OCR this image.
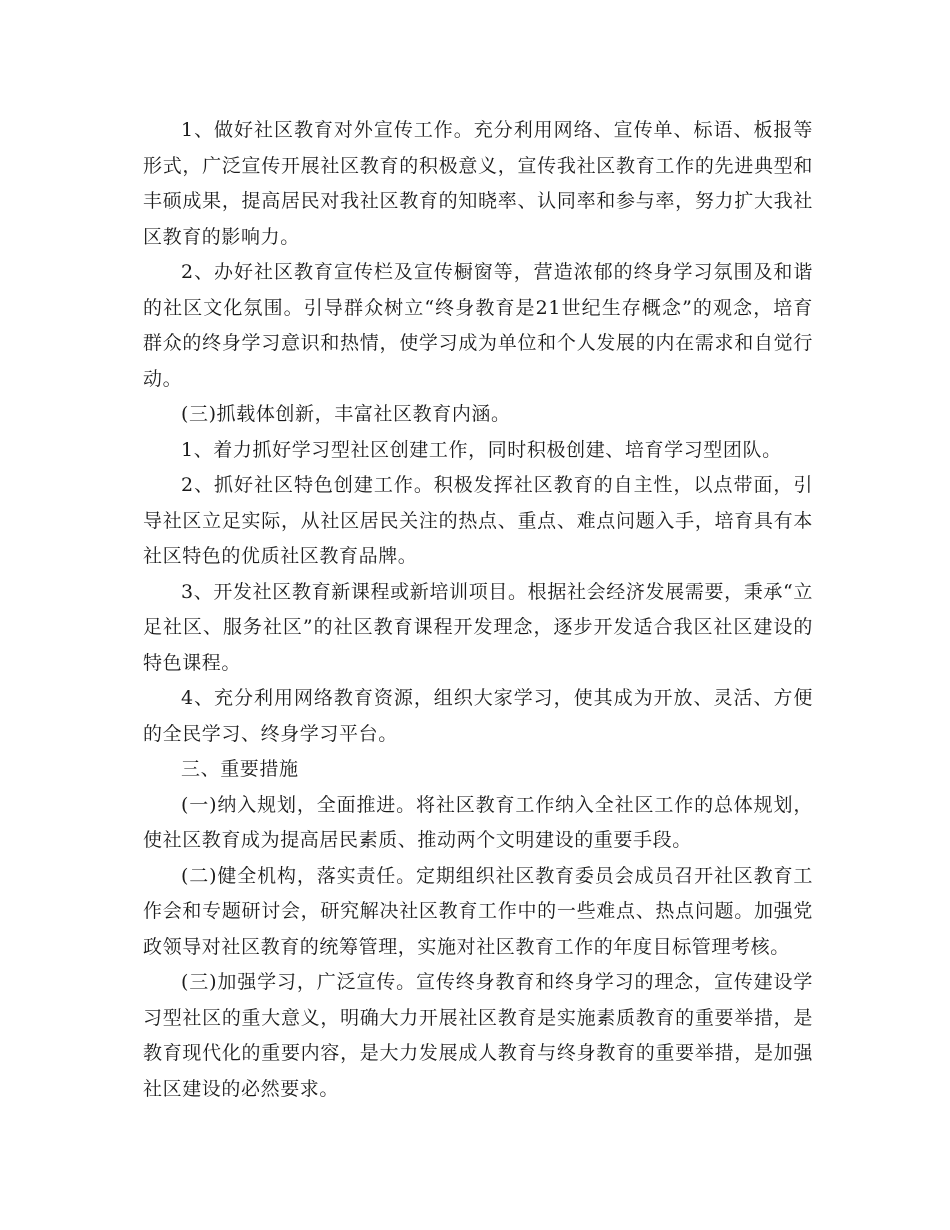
1、做好社区教育对外宣传工作。充分利用网络、宣传单、标语、板报等形式，广泛宣传开展社区教育的积极意义，宣传我社区教育工作的先进典型和丰硕成果，提高居民对我社区教育的知晓率、认同率和参与率，努力扩大我社区教育的影响力。

2、办好社区教育宣传栏及宣传橱窗等，营造浓郁的终身学习氛围及和谐的社区文化氛围。引导群众树立“终身教育是21世纪生存概念”的观念，培育群众的终身学习意识和热情，使学习成为单位和个人发展的内在需求和自觉行动。

(三)抓载体创新，丰富社区教育内涵。

1、着力抓好学习型社区创建工作，同时积极创建、培育学习型团队。

2、抓好社区特色创建工作。积极发挥社区教育的自主性，以点带面，引导社区立足实际，从社区居民关注的热点、重点、难点问题入手，培育具有本社区特色的优质社区教育品牌。

3、开发社区教育新课程或新培训项目。根据社会经济发展需要，秉承“立足社区、服务社区”的社区教育课程开发理念，逐步开发适合我区社区建设的特色课程。

4、充分利用网络教育资源，组织大家学习，使其成为开放、灵活、方便的全民学习、终身学习平台。

三、重要措施

(一)纳入规划，全面推进。将社区教育工作纳入全社区工作的总体规划，使社区教育成为提高居民素质、推动两个文明建设的重要手段。

(二)健全机构，落实责任。定期组织社区教育委员会成员召开社区教育工作会和专题研讨会，研究解决社区教育工作中的一些难点、热点问题。加强党政领导对社区教育的统筹管理，实施对社区教育工作的年度目标管理考核。

(三)加强学习，广泛宣传。宣传终身教育和终身学习的理念，宣传建设学习型社区的重大意义，明确大力开展社区教育是实施素质教育的重要举措，是教育现代化的重要内容，是大力发展成人教育与终身教育的重要举措，是加强社区建设的必然要求。
